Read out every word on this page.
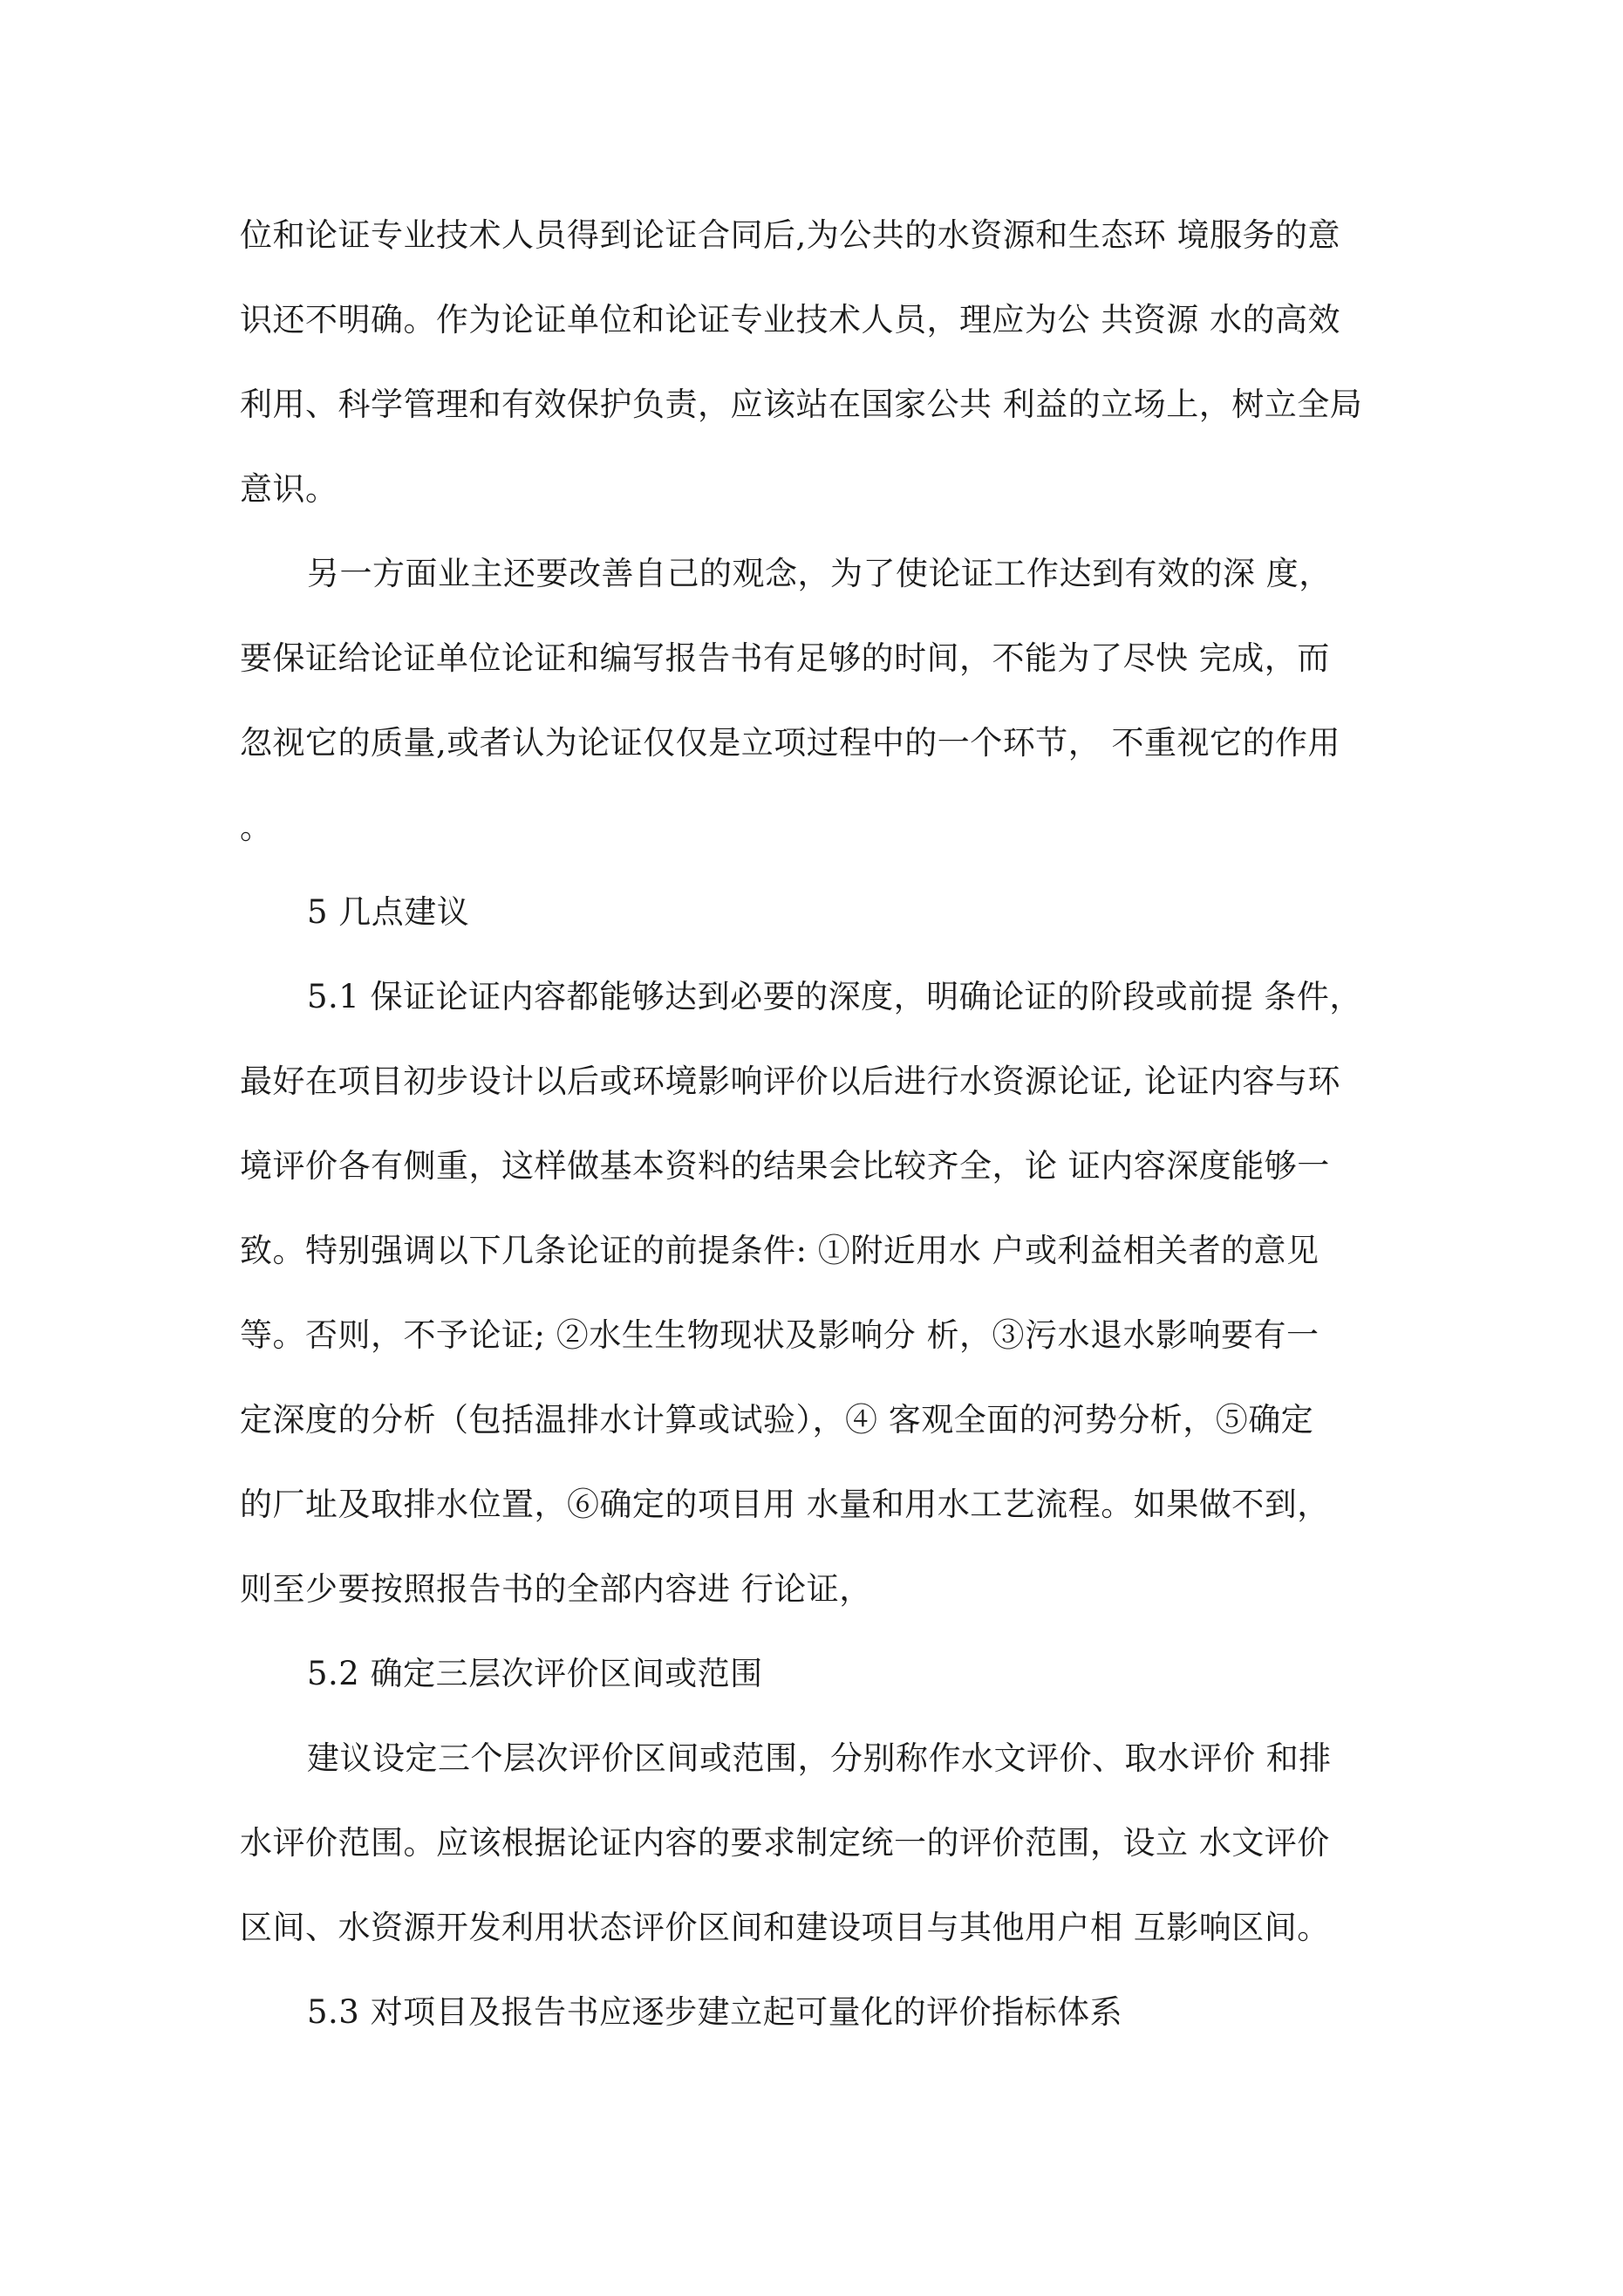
位和论证专业技术人员得到论证合同后,为公共的水资源和生态环 境服务的意
识还不明确。作为论证单位和论证专业技术人员，理应为公 共资源 水的高效
利用、科学管理和有效保护负责，应该站在国家公共 利益的立场上，树立全局
意识。
另一方面业主还要改善自己的观念，为了使论证工作达到有效的深 度，
要保证给论证单位论证和编写报告书有足够的时间，不能为了尽快 完成，而
忽视它的质量,或者认为论证仅仅是立项过程中的一个环节， 不重视它的作用
。
5 几点建议
5.1 保证论证内容都能够达到必要的深度，明确论证的阶段或前提 条件，
最好在项目初步设计以后或环境影响评价以后进行水资源论证, 论证内容与环
境评价各有侧重，这样做基本资料的结果会比较齐全，论 证内容深度能够一
致。特别强调以下几条论证的前提条件: ①附近用水 户或利益相关者的意见
等。否则，不予论证; ②水生生物现状及影响分 析，③污水退水影响要有一
定深度的分析（包括温排水计算或试验），④ 客观全面的河势分析，⑤确定
的厂址及取排水位置，⑥确定的项目用 水量和用水工艺流程。如果做不到，
则至少要按照报告书的全部内容进 行论证，
5.2 确定三层次评价区间或范围
建议设定三个层次评价区间或范围，分别称作水文评价、取水评价 和排
水评价范围。应该根据论证内容的要求制定统一的评价范围，设立 水文评价
区间、水资源开发利用状态评价区间和建设项目与其他用户相 互影响区间。
5.3 对项目及报告书应逐步建立起可量化的评价指标体系
